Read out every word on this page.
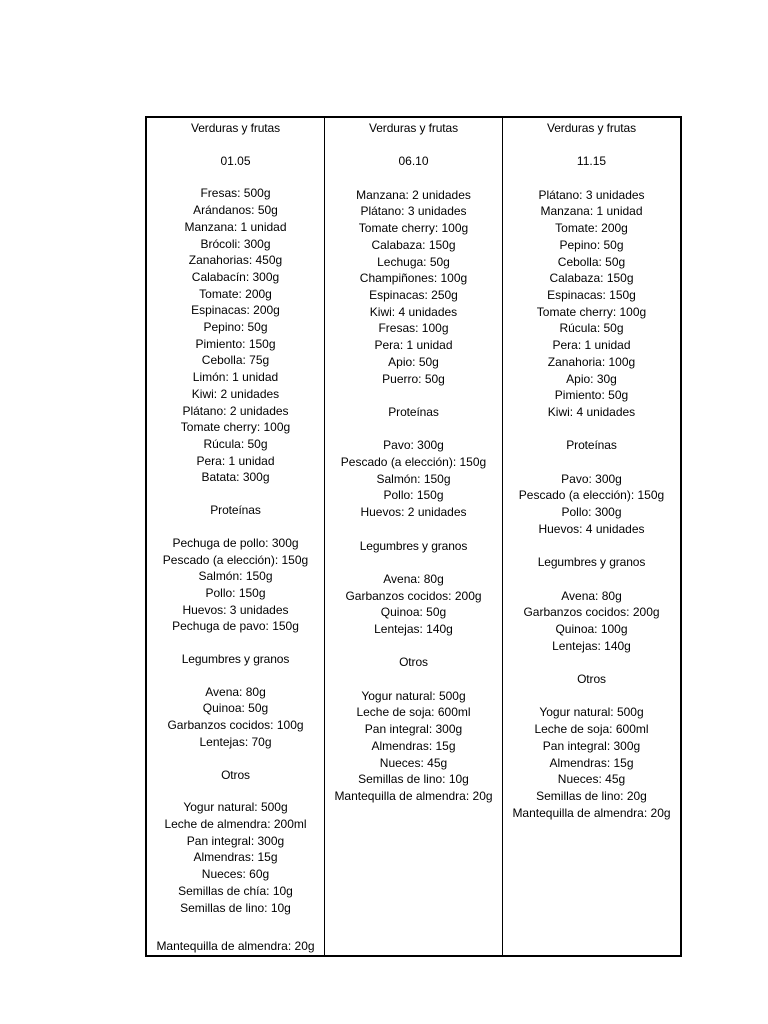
Verduras y frutas
01.05
Fresas: 500g
Arándanos: 50g
Manzana: 1 unidad
Brócoli: 300g
Zanahorias: 450g
Calabacín: 300g
Tomate: 200g
Espinacas: 200g
Pepino: 50g
Pimiento: 150g
Cebolla: 75g
Limón: 1 unidad
Kiwi: 2 unidades
Plátano: 2 unidades
Tomate cherry: 100g
Rúcula: 50g
Pera: 1 unidad
Batata: 300g
Proteínas
Pechuga de pollo: 300g
Pescado (a elección): 150g
Salmón: 150g
Pollo: 150g
Huevos: 3 unidades
Pechuga de pavo: 150g
Legumbres y granos
Avena: 80g
Quinoa: 50g
Garbanzos cocidos: 100g
Lentejas: 70g
Otros
Yogur natural: 500g
Leche de almendra: 200ml
Pan integral: 300g
Almendras: 15g
Nueces: 60g
Semillas de chía: 10g
Semillas de lino: 10g
Mantequilla de almendra: 20g
Verduras y frutas
06.10
Manzana: 2 unidades
Plátano: 3 unidades
Tomate cherry: 100g
Calabaza: 150g
Lechuga: 50g
Champiñones: 100g
Espinacas: 250g
Kiwi: 4 unidades
Fresas: 100g
Pera: 1 unidad
Apio: 50g
Puerro: 50g
Proteínas
Pavo: 300g
Pescado (a elección): 150g
Salmón: 150g
Pollo: 150g
Huevos: 2 unidades
Legumbres y granos
Avena: 80g
Garbanzos cocidos: 200g
Quinoa: 50g
Lentejas: 140g
Otros
Yogur natural: 500g
Leche de soja: 600ml
Pan integral: 300g
Almendras: 15g
Nueces: 45g
Semillas de lino: 10g
Mantequilla de almendra: 20g
Verduras y frutas
11.15
Plátano: 3 unidades
Manzana: 1 unidad
Tomate: 200g
Pepino: 50g
Cebolla: 50g
Calabaza: 150g
Espinacas: 150g
Tomate cherry: 100g
Rúcula: 50g
Pera: 1 unidad
Zanahoria: 100g
Apio: 30g
Pimiento: 50g
Kiwi: 4 unidades
Proteínas
Pavo: 300g
Pescado (a elección): 150g
Pollo: 300g
Huevos: 4 unidades
Legumbres y granos
Avena: 80g
Garbanzos cocidos: 200g
Quinoa: 100g
Lentejas: 140g
Otros
Yogur natural: 500g
Leche de soja: 600ml
Pan integral: 300g
Almendras: 15g
Nueces: 45g
Semillas de lino: 20g
Mantequilla de almendra: 20g
